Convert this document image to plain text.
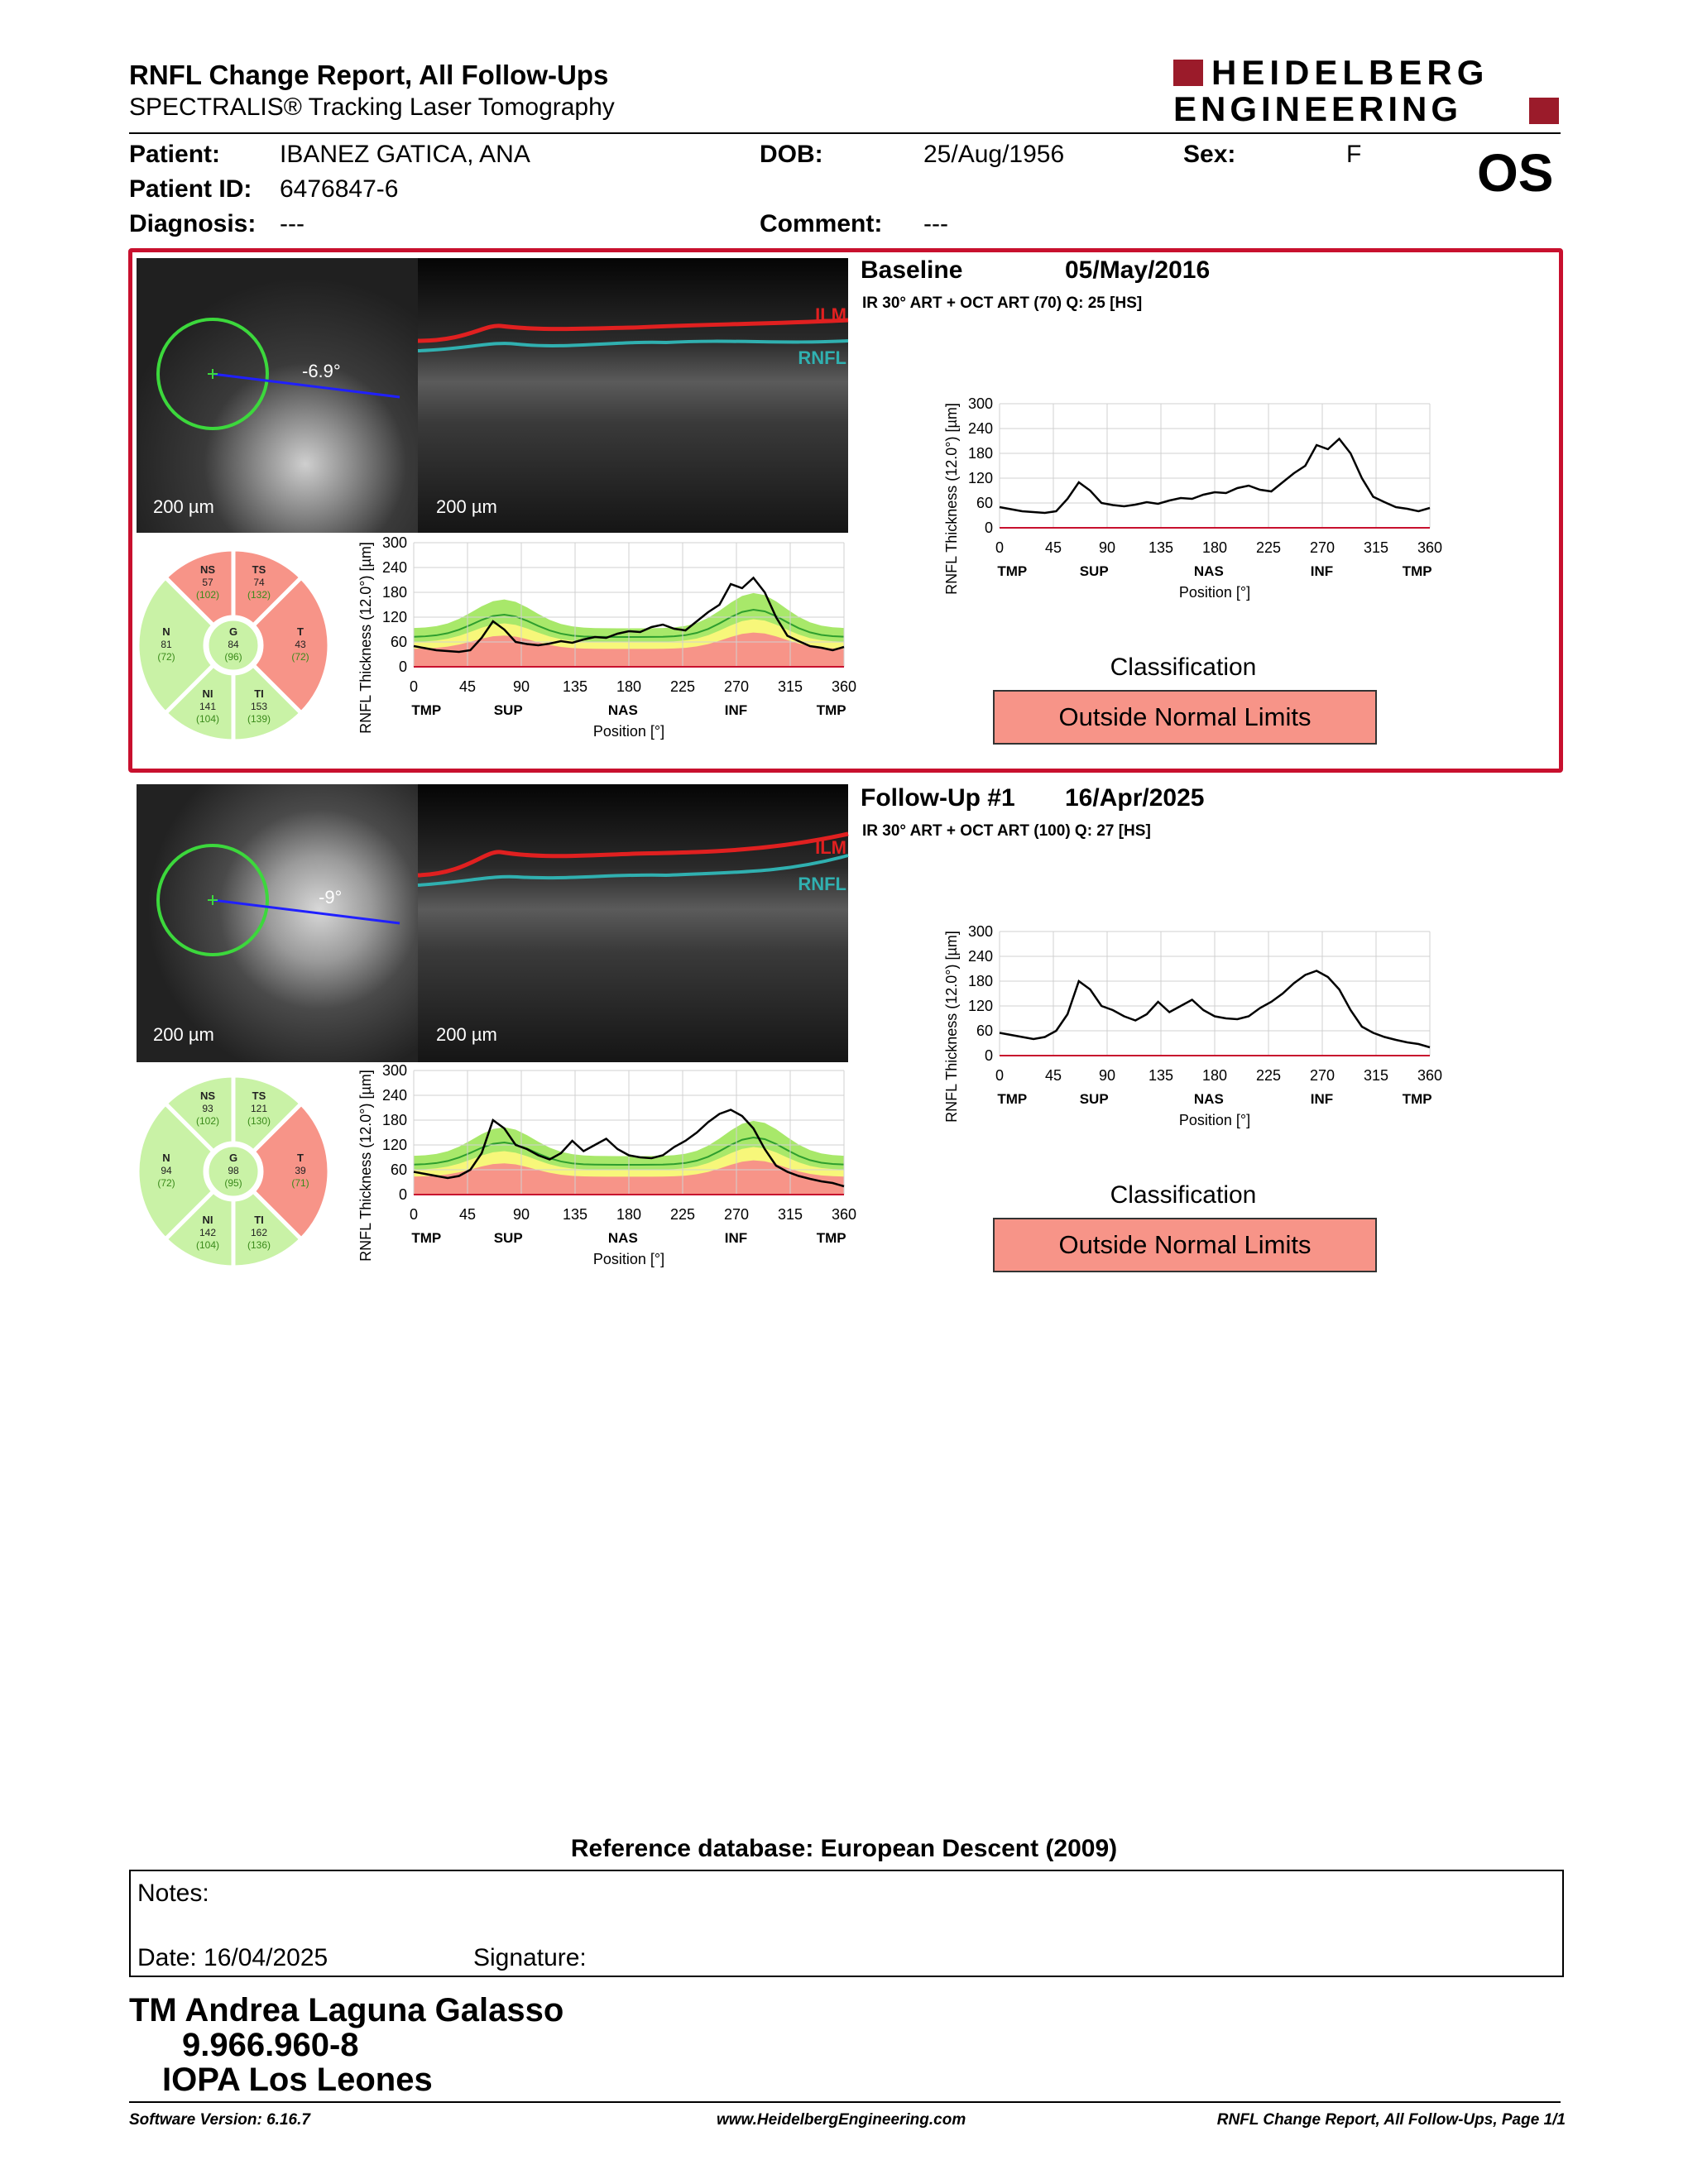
RNFL Change Report, All Follow-Ups
SPECTRALIS® Tracking Laser Tomography
HEIDELBERG
ENGINEERING
Patient: IBANEZ GATICA, ANA	DOB:	25/Aug/1956	Sex:	F OS
Patient ID: 6476847-6
Diagnosis: ---	Comment: ---
-6.9°
200 µm
ILM
RNFL
200 µm
Baseline	05/May/2016
IR 30° ART + OCT ART (70) Q: 25 [HS]
T
43
(72)
TS
74
(132)
NS
57
(102)
N
81
(72)
NI
141
(104)
TI
153
(139)
G
84
(96)
0
60
120
180
240
300
0	45 90 135 180 225 270 315 360
TMP	SUP	NAS	INF	TMP
Position [°]
RNFL Thickness (12.0°) [µm]
0
60
120
180
240
300
0	45 90 135 180 225 270 315 360
TMP	SUP	NAS	INF	TMP
Position [°]
RNFL Thickness (12.0°) [µm]
Classification
Outside Normal Limits
-9°
200 µm
ILM
RNFL
200 µm
Follow-Up #1 16/Apr/2025
IR 30° ART + OCT ART (100) Q: 27 [HS]
T
39
(71)
TS
121
(130)
NS
93
(102)
N
94
(72)
NI
142
(104)
TI
162
(136)
G
98
(95)
0
60
120
180
240
300
0	45 90 135 180 225 270 315 360
TMP	SUP	NAS	INF	TMP
Position [°]
RNFL Thickness (12.0°) [µm]
0
60
120
180
240
300
0	45 90 135 180 225 270 315 360
TMP	SUP	NAS	INF	TMP
Position [°]
RNFL Thickness (12.0°) [µm]
Classification
Outside Normal Limits
Reference database: European Descent (2009)
Notes:
Date: 16/04/2025	Signature:
TM Andrea Laguna Galasso
9.966.960-8
IOPA Los Leones
Software Version: 6.16.7	www.HeidelbergEngineering.com	RNFL Change Report, All Follow-Ups, Page 1/1
